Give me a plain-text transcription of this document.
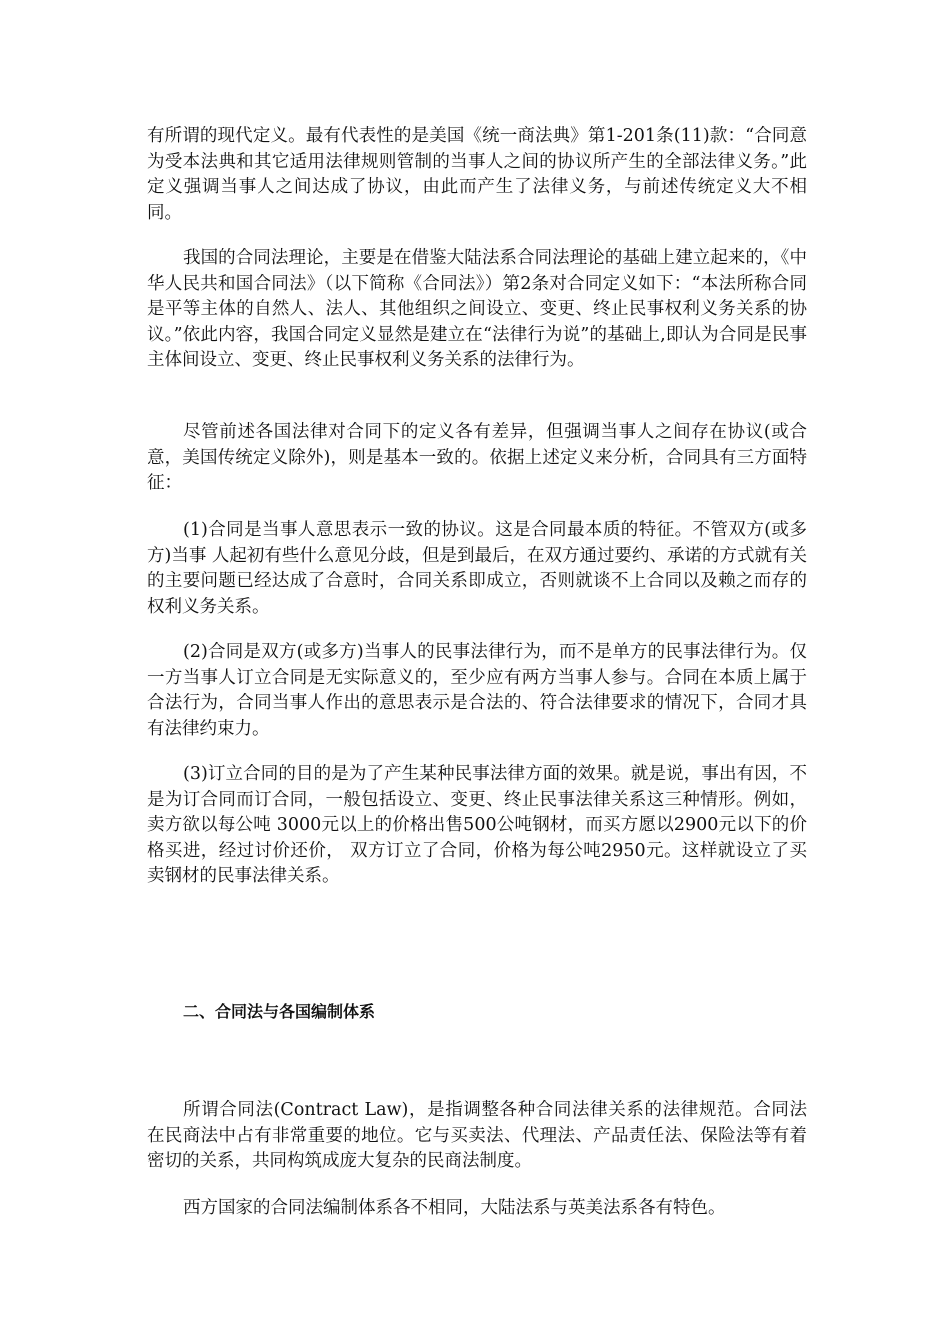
有所谓的现代定义。最有代表性的是美国《统一商法典》第1-201条(11)款：“合同意为受本法典和其它适用法律规则管制的当事人之间的协议所产生的全部法律义务。”此定义强调当事人之间达成了协议，由此而产生了法律义务，与前述传统定义大不相同。

我国的合同法理论，主要是在借鉴大陆法系合同法理论的基础上建立起来的，《中华人民共和国合同法》（以下简称《合同法》）第2条对合同定义如下：“本法所称合同是平等主体的自然人、法人、其他组织之间设立、变更、终止民事权利义务关系的协议。”依此内容，我国合同定义显然是建立在“法律行为说”的基础上,即认为合同是民事主体间设立、变更、终止民事权利义务关系的法律行为。

尽管前述各国法律对合同下的定义各有差异，但强调当事人之间存在协议(或合意，美国传统定义除外)，则是基本一致的。依据上述定义来分析，合同具有三方面特征：

(1)合同是当事人意思表示一致的协议。这是合同最本质的特征。不管双方(或多方)当事 人起初有些什么意见分歧，但是到最后，在双方通过要约、承诺的方式就有关的主要问题已经达成了合意时，合同关系即成立，否则就谈不上合同以及赖之而存的权利义务关系。

(2)合同是双方(或多方)当事人的民事法律行为，而不是单方的民事法律行为。仅一方当事人订立合同是无实际意义的，至少应有两方当事人参与。合同在本质上属于合法行为，合同当事人作出的意思表示是合法的、符合法律要求的情况下，合同才具有法律约束力。

(3)订立合同的目的是为了产生某种民事法律方面的效果。就是说，事出有因，不是为订合同而订合同，一般包括设立、变更、终止民事法律关系这三种情形。例如，卖方欲以每公吨 3000元以上的价格出售500公吨钢材，而买方愿以2900元以下的价格买进，经过讨价还价， 双方订立了合同，价格为每公吨2950元。这样就设立了买卖钢材的民事法律关系。

二、合同法与各国编制体系

所谓合同法(Contract Law)，是指调整各种合同法律关系的法律规范。合同法在民商法中占有非常重要的地位。它与买卖法、代理法、产品责任法、保险法等有着密切的关系，共同构筑成庞大复杂的民商法制度。

西方国家的合同法编制体系各不相同，大陆法系与英美法系各有特色。
